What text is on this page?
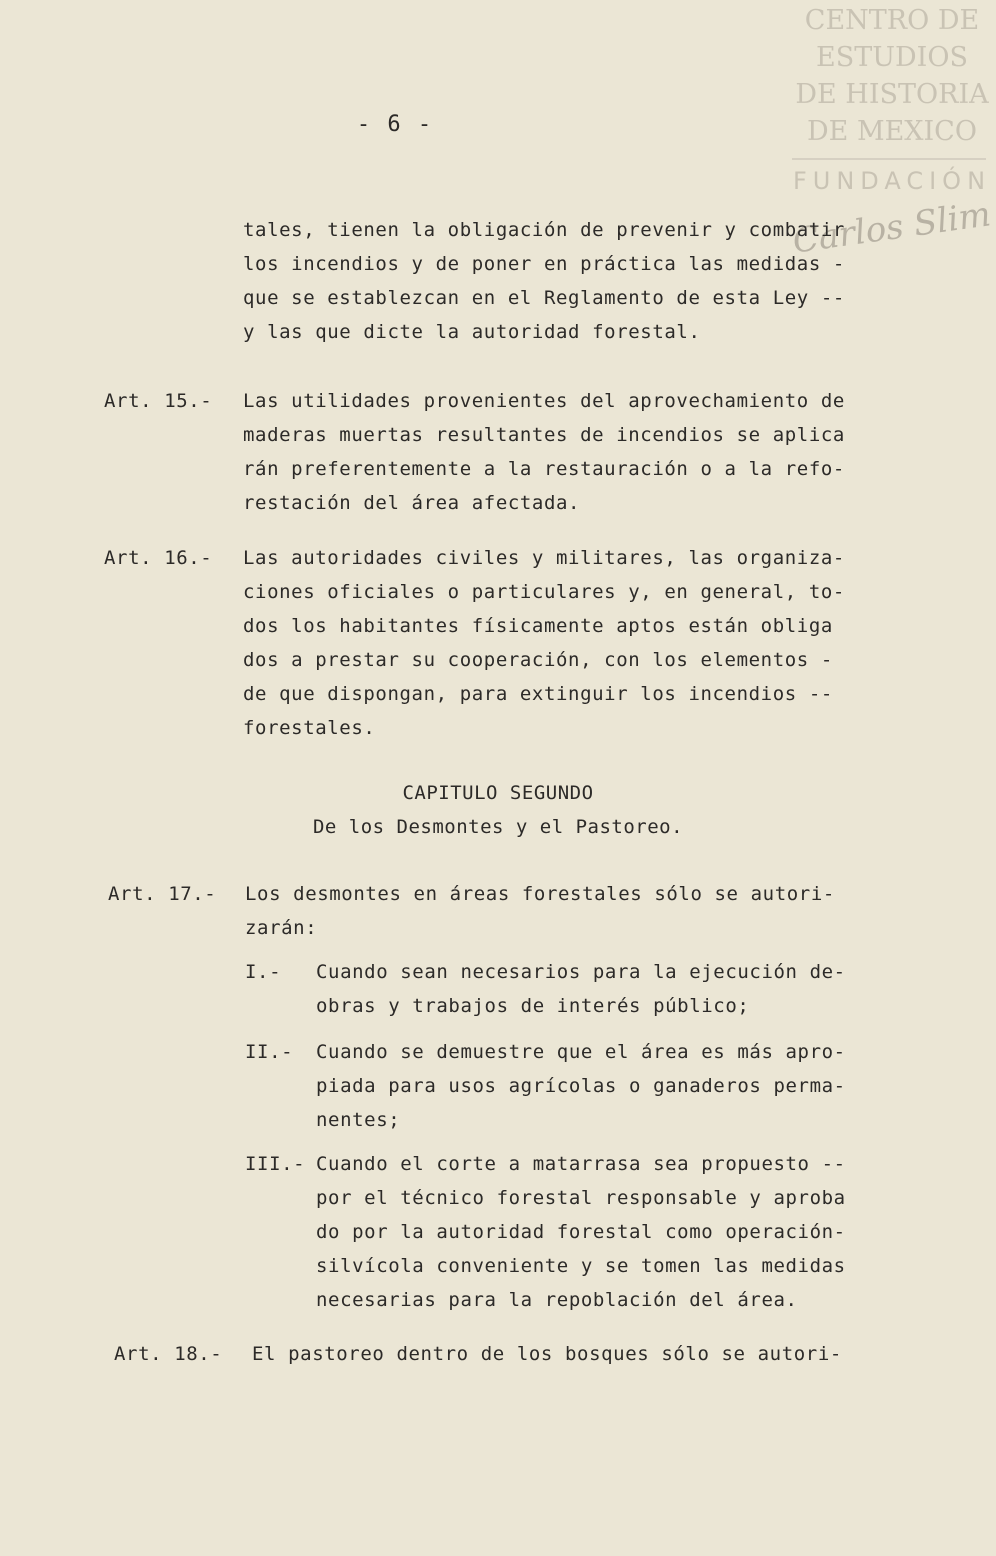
CENTRO DE
ESTUDIOS
DE HISTORIA
DE MEXICO
FUNDACIÓN
Carlos Slim
- 6 -
tales, tienen la obligación de prevenir y combatir
los incendios y de poner en práctica las medidas -
que se establezcan en el Reglamento de esta Ley --
y las que dicte la autoridad forestal.
Art. 15.- Las utilidades provenientes del aprovechamiento de
maderas muertas resultantes de incendios se aplica
rán preferentemente a la restauración o a la refo-
restación del área afectada.
Art. 16.- Las autoridades civiles y militares, las organiza-
ciones oficiales o particulares y, en general, to-
dos los habitantes físicamente aptos están obliga
dos a prestar su cooperación, con los elementos -
de que dispongan, para extinguir los incendios --
forestales.
CAPITULO SEGUNDO
De los Desmontes y el Pastoreo.
Art. 17.- Los desmontes en áreas forestales sólo se autori-
zarán:
I.- Cuando sean necesarios para la ejecución de-
obras y trabajos de interés público;
II.- Cuando se demuestre que el área es más apro-
piada para usos agrícolas o ganaderos perma-
nentes;
III.- Cuando el corte a matarrasa sea propuesto --
por el técnico forestal responsable y aproba
do por la autoridad forestal como operación-
silvícola conveniente y se tomen las medidas
necesarias para la repoblación del área.
Art. 18.- El pastoreo dentro de los bosques sólo se autori-
